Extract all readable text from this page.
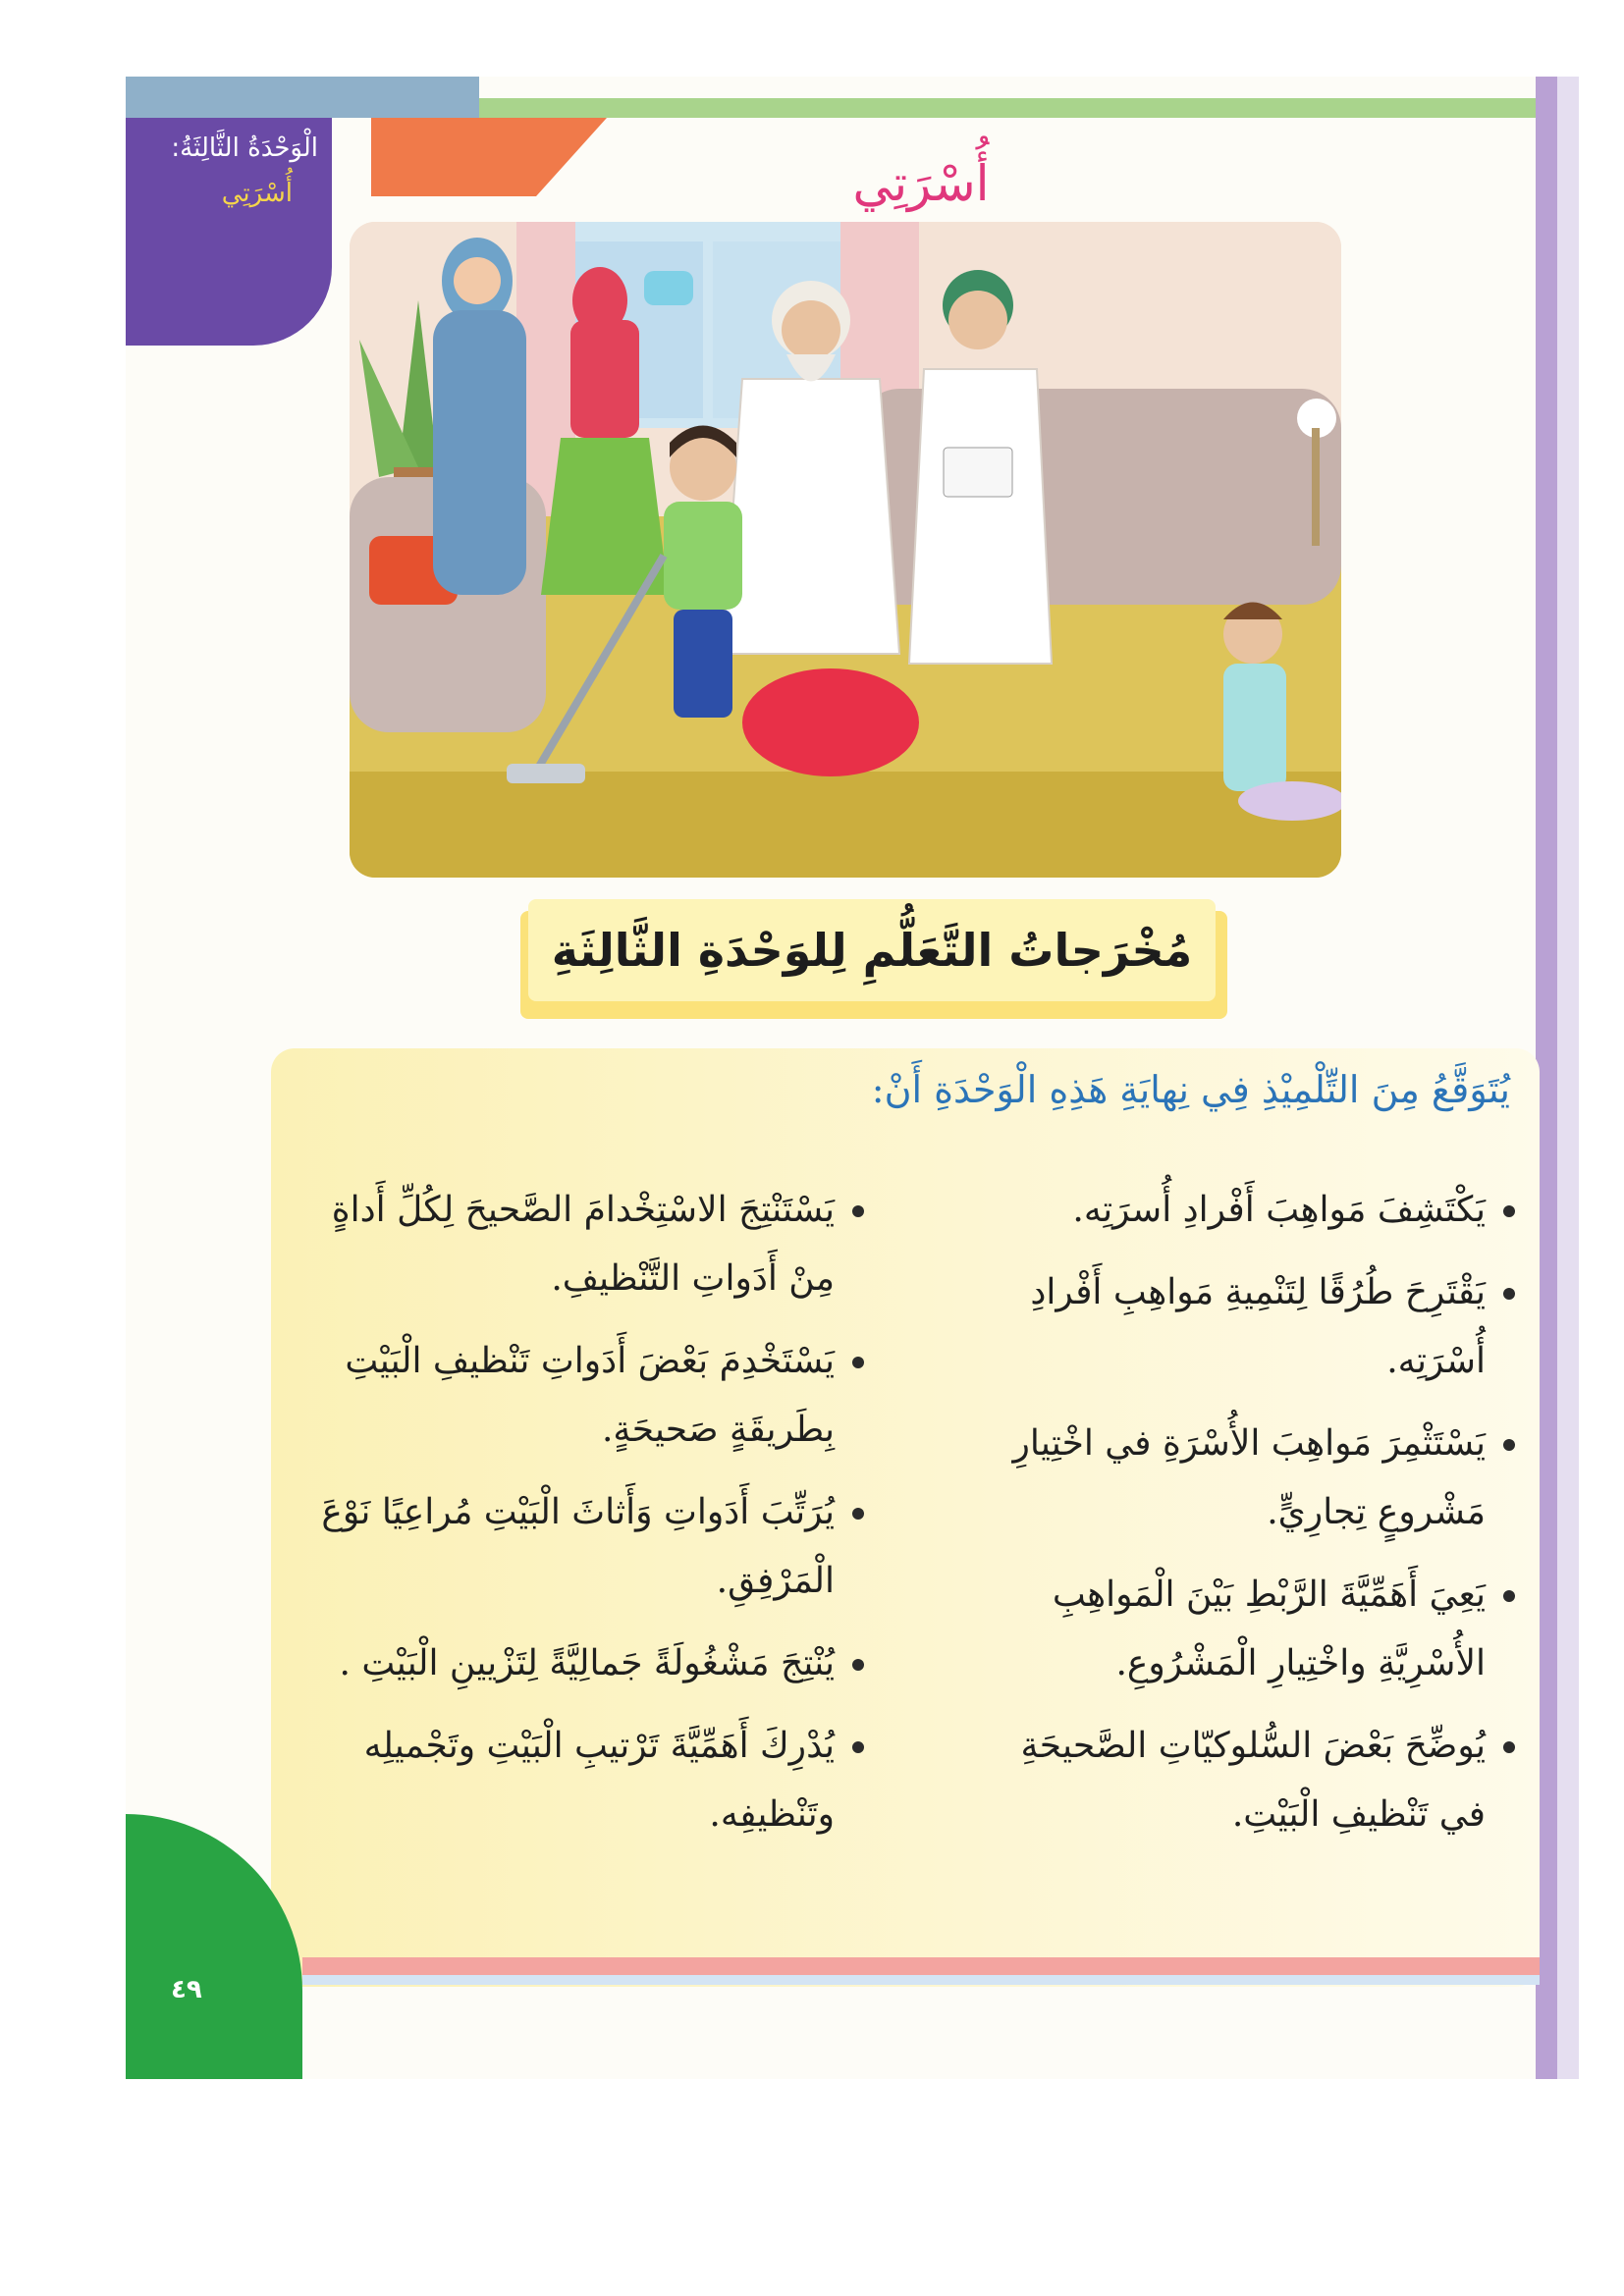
الْوَحْدَةُ الثَّالِثَةُ:
أُسْرَتِي	أُسْرَتِي
مُخْرَجاتُ التَّعَلُّمِ لِلوَحْدَةِ الثَّالِثَةِ
يُتَوَقَّعُ مِنَ التِّلْمِيْذِ فِي نِهايَةِ هَذِهِ الْوَحْدَةِ أَنْ:
يَكْتَشِفَ مَواهِبَ أَفْرادِ أُسرَتِه.
يَقْتَرِحَ طُرُقًا لِتَنْمِيةِ مَواهِبِ أَفْرادِ أُسْرَتِه.
يَسْتَثْمِرَ مَواهِبَ الأُسْرَةِ في اخْتِيارِ مَشْروعٍ تِجارِيٍّ.
يَعِيَ أَهَمِّيَّةَ الرَّبْطِ بَيْنَ الْمَواهِبِ الأُسْرِيَّةِ واخْتِيارِ الْمَشْرُوعِ.
يُوضِّحَ بَعْضَ السُّلوكيّاتِ الصَّحيحَةِ في تَنْظيفِ الْبَيْتِ.
يَسْتَنْتِجَ الاسْتِخْدامَ الصَّحيحَ لِكُلِّ أَداةٍ مِنْ أَدَواتِ التَّنْظيفِ.
يَسْتَخْدِمَ بَعْضَ أَدَواتِ تَنْظيفِ الْبَيْتِ بِطَريقَةٍ صَحيحَةٍ.
يُرَتِّبَ أَدَواتِ وَأَثاثَ الْبَيْتِ مُراعِيًا نَوْعَ الْمَرْفِقِ.
يُنْتِجَ مَشْغُولَةً جَمالِيَّةً لِتَزْيينِ الْبَيْتِ .
يُدْرِكَ أَهَمِّيَّةَ تَرْتيبِ الْبَيْتِ وتَجْميلِه وتَنْظيفِه.
٤٩
